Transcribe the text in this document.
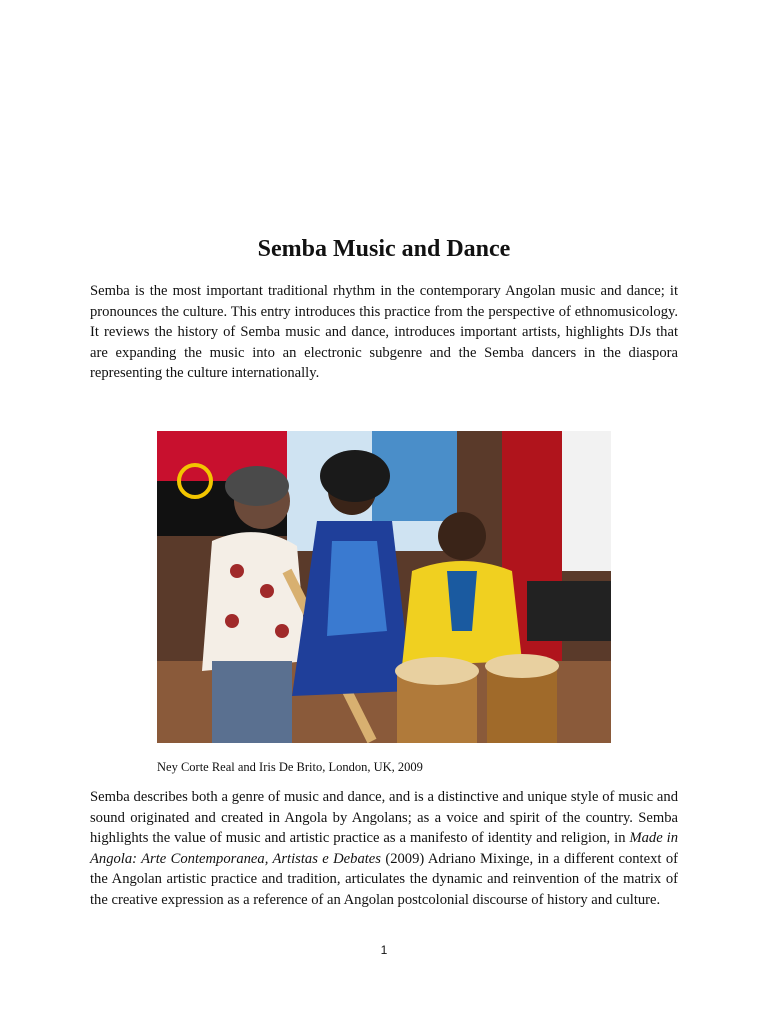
Semba Music and Dance

Semba is the most important traditional rhythm in the contemporary Angolan music and dance; it pronounces the culture. This entry introduces this practice from the perspective of ethnomusicology. It reviews the history of Semba music and dance, introduces important artists, highlights DJs that are expanding the music into an electronic subgenre and the Semba dancers in the diaspora representing the culture internationally.

Ney Corte Real and Iris De Brito, London, UK, 2009

Semba describes both a genre of music and dance, and is a distinctive and unique style of music and sound originated and created in Angola by Angolans; as a voice and spirit of the country. Semba highlights the value of music and artistic practice as a manifesto of identity and religion, in Made in Angola: Arte Contemporanea, Artistas e Debates (2009) Adriano Mixinge, in a different context of the Angolan artistic practice and tradition, articulates the dynamic and reinvention of the matrix of the creative expression as a reference of an Angolan postcolonial discourse of history and culture.

1
